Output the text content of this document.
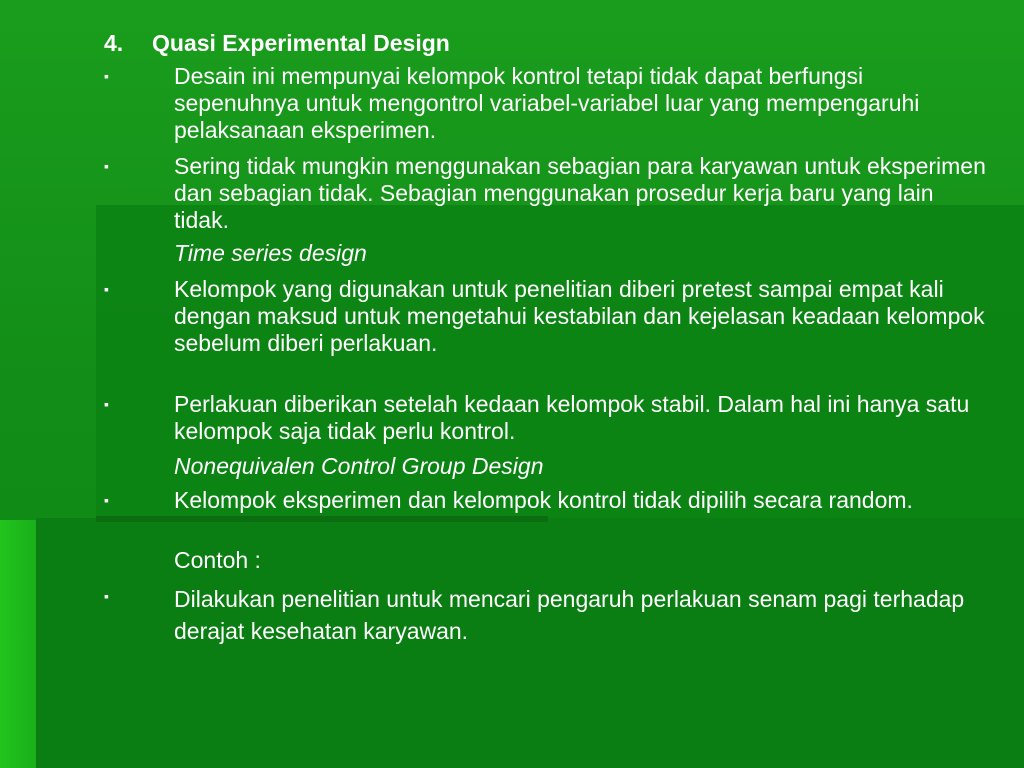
4. Quasi Experimental Design
▪	Desain ini mempunyai kelompok kontrol tetapi tidak dapat berfungsi sepenuhnya untuk mengontrol variabel-variabel luar yang mempengaruhi pelaksanaan eksperimen.
▪	Sering tidak mungkin menggunakan sebagian para karyawan untuk eksperimen dan sebagian tidak. Sebagian menggunakan prosedur kerja baru yang lain tidak.
Time series design
▪	Kelompok yang digunakan untuk penelitian diberi pretest sampai empat kali dengan maksud untuk mengetahui kestabilan dan kejelasan keadaan kelompok sebelum diberi perlakuan.
▪	Perlakuan diberikan setelah kedaan kelompok stabil. Dalam hal ini hanya satu kelompok saja tidak perlu kontrol.
Nonequivalen Control Group Design
▪	Kelompok eksperimen dan kelompok kontrol tidak dipilih secara random.
Contoh :
▪	Dilakukan penelitian untuk mencari pengaruh perlakuan senam pagi terhadap derajat kesehatan karyawan.
